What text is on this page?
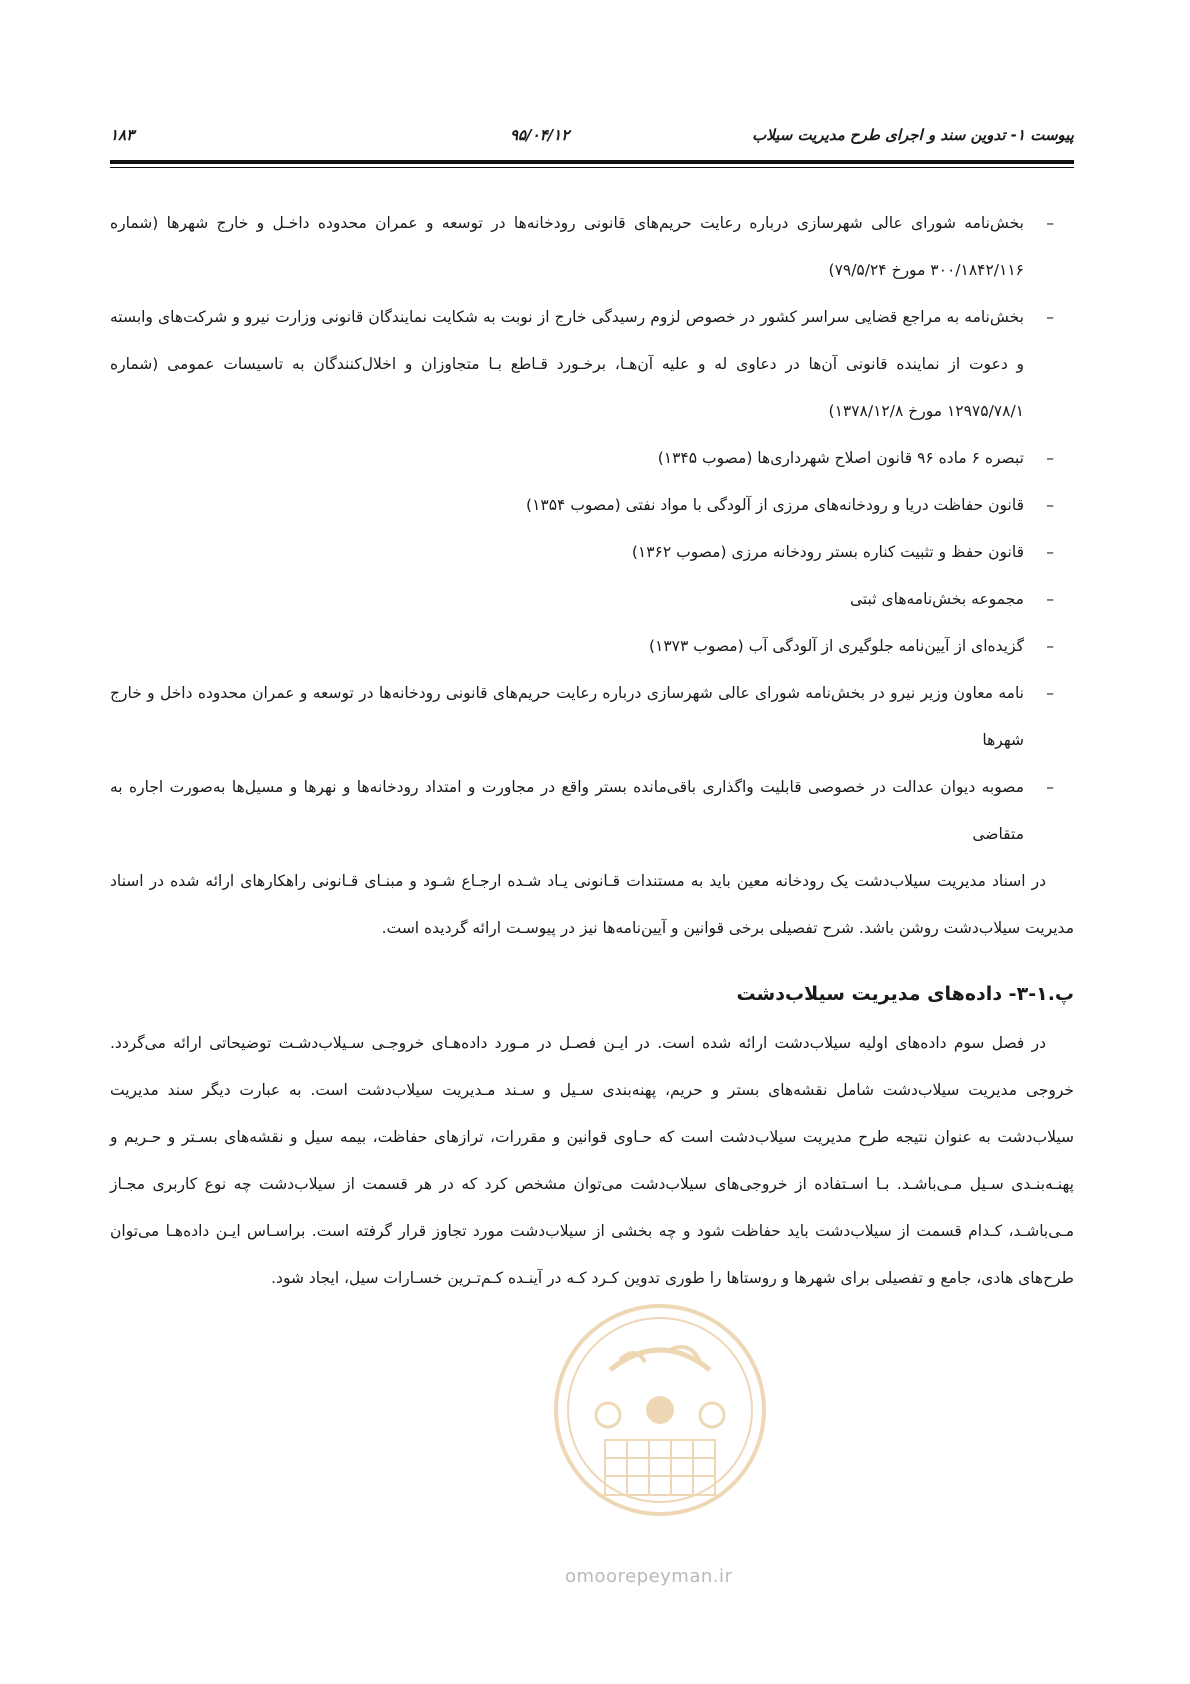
پیوست ۱- تدوین سند و اجرای طرح مدیریت سیلاب
۹۵/۰۴/۱۲
۱۸۳
–
بخش‌نامه شورای عالی شهرسازی درباره رعایت حریم‌های قانونی رودخانه‌ها در توسعه و عمران محدوده داخـل و خارج شهرها (شماره ۳۰۰/۱۸۴۲/۱۱۶ مورخ ۷۹/۵/۲۴)
–
بخش‌نامه به مراجع قضایی سراسر کشور در خصوص لزوم رسیدگی خارج از نوبت به شکایت نمایندگان قانونی وزارت نیرو و شرکت‌های وابسته و دعوت از نماینده قانونی آن‌ها در دعاوی له و علیه آن‌هـا، برخـورد قـاطع بـا متجاوزان و اخلال‌کنندگان به تاسیسات عمومی (شماره ۱۲۹۷۵/۷۸/۱ مورخ ۱۳۷۸/۱۲/۸)
–
تبصره ۶ ماده ۹۶ قانون اصلاح شهرداری‌ها (مصوب ۱۳۴۵)
–
قانون حفاظت دریا و رودخانه‌های مرزی از آلودگی با مواد نفتی (مصوب ۱۳۵۴)
–
قانون حفظ و تثبیت کناره بستر رودخانه مرزی (مصوب ۱۳۶۲)
–
مجموعه بخش‌نامه‌های ثبتی
–
گزیده‌ای از آیین‌نامه جلوگیری از آلودگی آب (مصوب ۱۳۷۳)
–
نامه معاون وزیر نیرو در بخش‌نامه شورای عالی شهرسازی درباره رعایت حریم‌های قانونی رودخانه‌ها در توسعه و عمران محدوده داخل و خارج شهرها
–
مصوبه دیوان عدالت در خصوصی قابلیت واگذاری باقی‌مانده بستر واقع در مجاورت و امتداد رودخانه‌ها و نهرها و مسیل‌ها به‌صورت اجاره به متقاضی

در اسناد مدیریت سیلاب‌دشت یک رودخانه معین باید به مستندات قـانونی یـاد شـده ارجـاع شـود و مبنـای قـانونی راهکارهای ارائه شده در اسناد مدیریت سیلاب‌دشت روشن باشد. شرح تفصیلی برخی قوانین و آیین‌نامه‌ها نیز در پیوسـت ارائه گردیده است.

پ.۱-۳- داده‌های مدیریت سیلاب‌دشت

در فصل سوم داده‌های اولیه سیلاب‌دشت ارائه شده است. در ایـن فصـل در مـورد داده‌هـای خروجـی سـیلاب‌دشـت توضیحاتی ارائه می‌گردد. خروجی مدیریت سیلاب‌دشت شامل نقشه‌های بستر و حریم، پهنه‌بندی سـیل و سـند مـدیریت سیلاب‌دشت است. به عبارت دیگر سند مدیریت سیلاب‌دشت به عنوان نتیجه طرح مدیریت سیلاب‌دشت است که حـاوی قوانین و مقررات، ترازهای حفاظت، بیمه سیل و نقشه‌های بسـتر و حـریم و پهنـه‌بنـدی سـیل مـی‌باشـد. بـا اسـتفاده از خروجی‌های سیلاب‌دشت می‌توان مشخص کرد که در هر قسمت از سیلاب‌دشت چه نوع کاربری مجـاز مـی‌باشـد، کـدام قسمت از سیلاب‌دشت باید حفاظت شود و چه بخشی از سیلاب‌دشت مورد تجاوز قرار گرفته است. براسـاس ایـن داده‌هـا می‌توان طرح‌های هادی، جامع و تفصیلی برای شهرها و روستاها را طوری تدوین کـرد کـه در آینـده کـم‌تـرین خسـارات سیل، ایجاد شود.

omoorepeyman.ir
